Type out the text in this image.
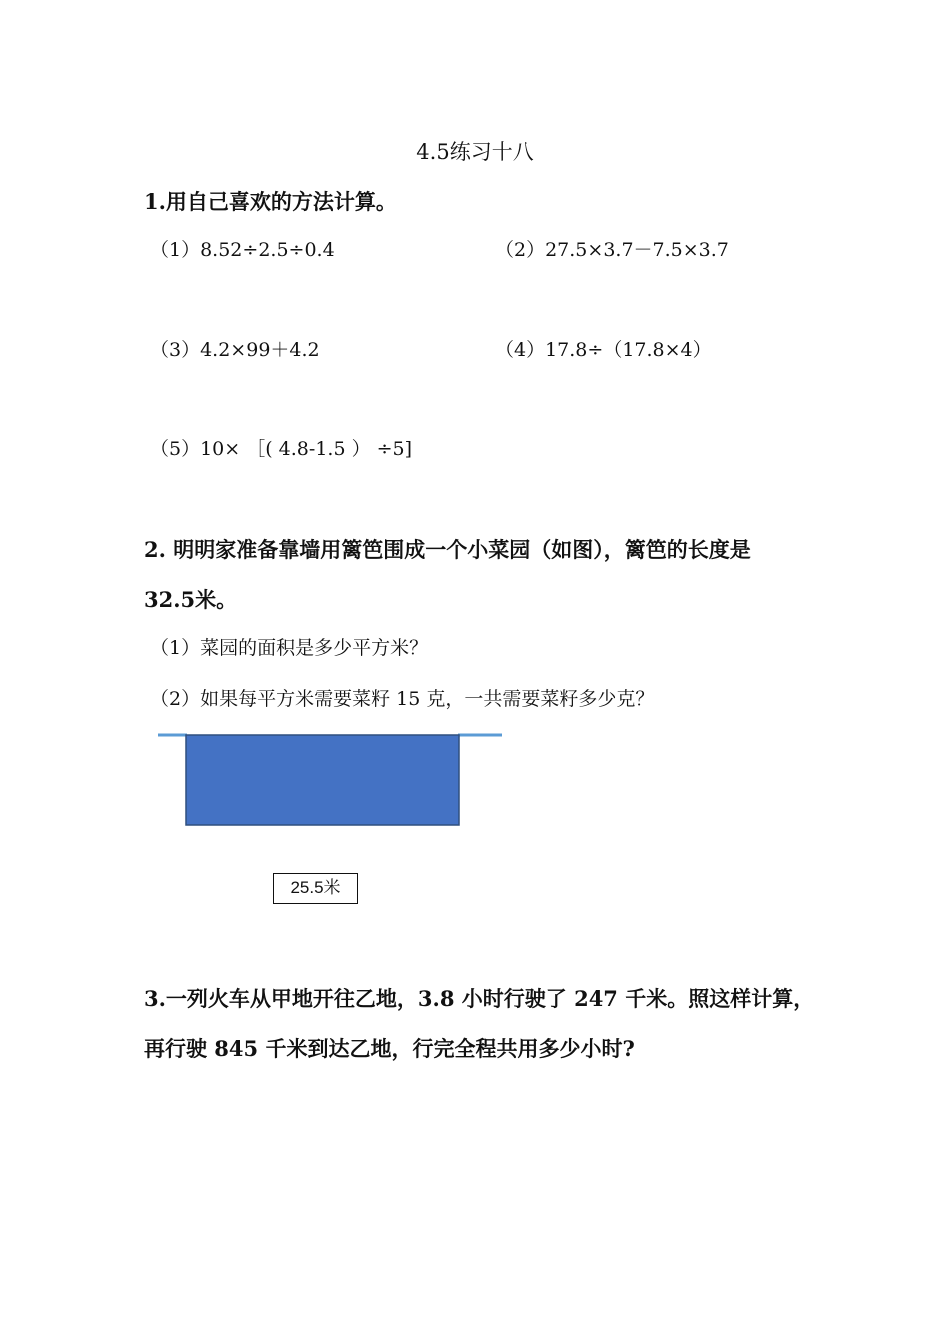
4.5练习十八
1.用自己喜欢的方法计算。
（1）8.52÷2.5÷0.4	（2）27.5×3.7－7.5×3.7
（3）4.2×99＋4.2	（4）17.8÷（17.8×4）
（5）10× ［( 4.8-1.5 ） ÷5]
2. 明明家准备靠墙用篱笆围成一个小菜园（如图），篱笆的长度是
32.5米。
（1）菜园的面积是多少平方米？
（2）如果每平方米需要菜籽 15 克，一共需要菜籽多少克？
25.5米
3.一列火车从甲地开往乙地，3.8 小时行驶了 247 千米。照这样计算，
再行驶 845 千米到达乙地，行完全程共用多少小时?
